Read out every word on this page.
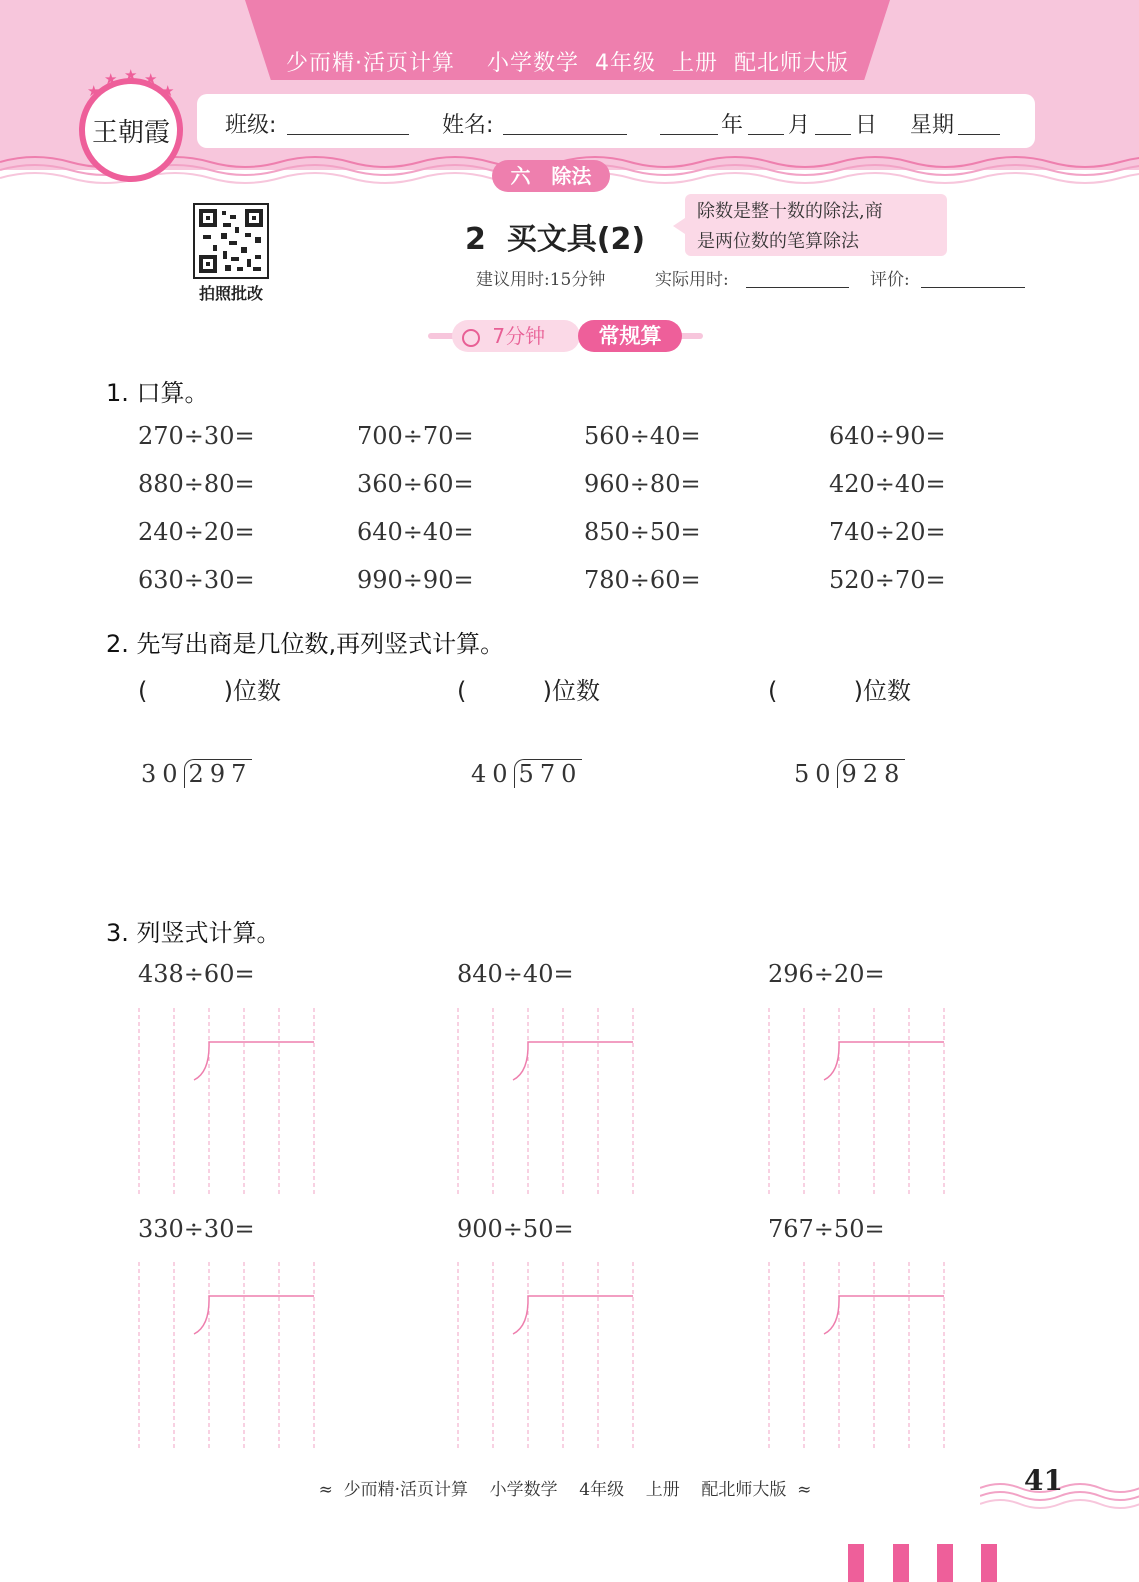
少而精·活页计算    小学数学  4年级  上册  配北师大版
班级:	姓名:	年 月 日 星期
★
★ ★ ★
★
王朝霞
六   除法
拍照批改
2  买文具(2)
除数是整十数的除法,商
是两位数的笔算除法
建议用时:15分钟	实际用时:	评价:
7分钟	常规算
1. 口算。
270÷30=	700÷70=	560÷40=	640÷90=
880÷80=	360÷60=	960÷80=	420÷40=
240÷20=	640÷40=	850÷50=	740÷20=
630÷30=	990÷90=	780÷60=	520÷70=
2. 先写出商是几位数,再列竖式计算。
(          )位数	(          )位数	(          )位数
30 297	40 570	50 928
3. 列竖式计算。
438÷60=	840÷40=	296÷20=
330÷30=	900÷50=	767÷50=
≈  少而精·活页计算    小学数学    4年级    上册    配北师大版  ≈	41
